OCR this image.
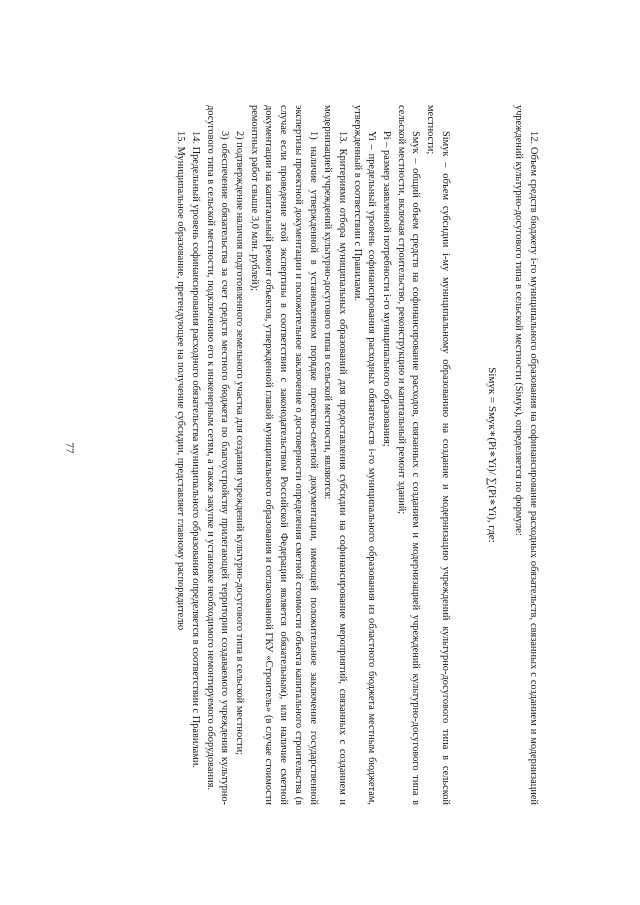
77	12. Объем средств бюджету i-го муниципального образования на софинансирование расходных обязательств, связанных с созданием и модернизацией учреждений культурно-досугового типа в сельской местности (Siмук), определяется по формуле:

Siмук = Sмук∗(Pi∗Yi)/ ∑(Pi∗Yi), где:

Siмук – объем субсидии i-му муниципальному образованию на создание и модернизацию учреждений культурно-досугового типа в сельской местности;

Sмук – общий объем средств на софинансирование расходов, связанных с созданием и модернизацией учреждений культурно-досугового типа в сельской местности, включая строительство, реконструкцию и капитальный ремонт зданий;

Pi – размер заявленной потребности i-го муниципального образования;

Yi – предельный уровень софинансирования расходных обязательств i-го муниципального образования из областного бюджета местным бюджетам, утвержденный в соответствии с Правилами.

13. Критериями отбора муниципальных образований для предоставления субсидии на софинансирование мероприятий, связанных с созданием и модернизацией учреждений культурно-досугового типа в сельской местности, являются:

1) наличие утвержденной в установленном порядке проектно-сметной документации, имеющей положительное заключение государственной экспертизы проектной документации и положительное заключение о достоверности определения сметной стоимости объекта капитального строительства (в случае если проведение этой экспертизы в соответствии с законодательством Российской Федерации является обязательным), или наличие сметной документации на капитальный ремонт объектов, утвержденной главой муниципального образования и согласованной ГКУ «Строитель» (в случае стоимости ремонтных работ свыше 3,0 млн. рублей);

2) подтверждение наличия подготовленного земельного участка для создания учреждений культурно-досугового типа в сельской местности;

3) обеспечение обязательства за счет средств местного бюджета по благоустройству прилегающей территории создаваемого учреждения культурно-досугового типа в сельской местности, подключению его к инженерным сетям, а также закупке и установке необходимого немонтируемого оборудования.

14. Предельный уровень софинансирования расходного обязательства муниципального образования определяется в соответствии с Правилами.

15. Муниципальное образование, претендующее на получение субсидии, представляет главному распорядителю
